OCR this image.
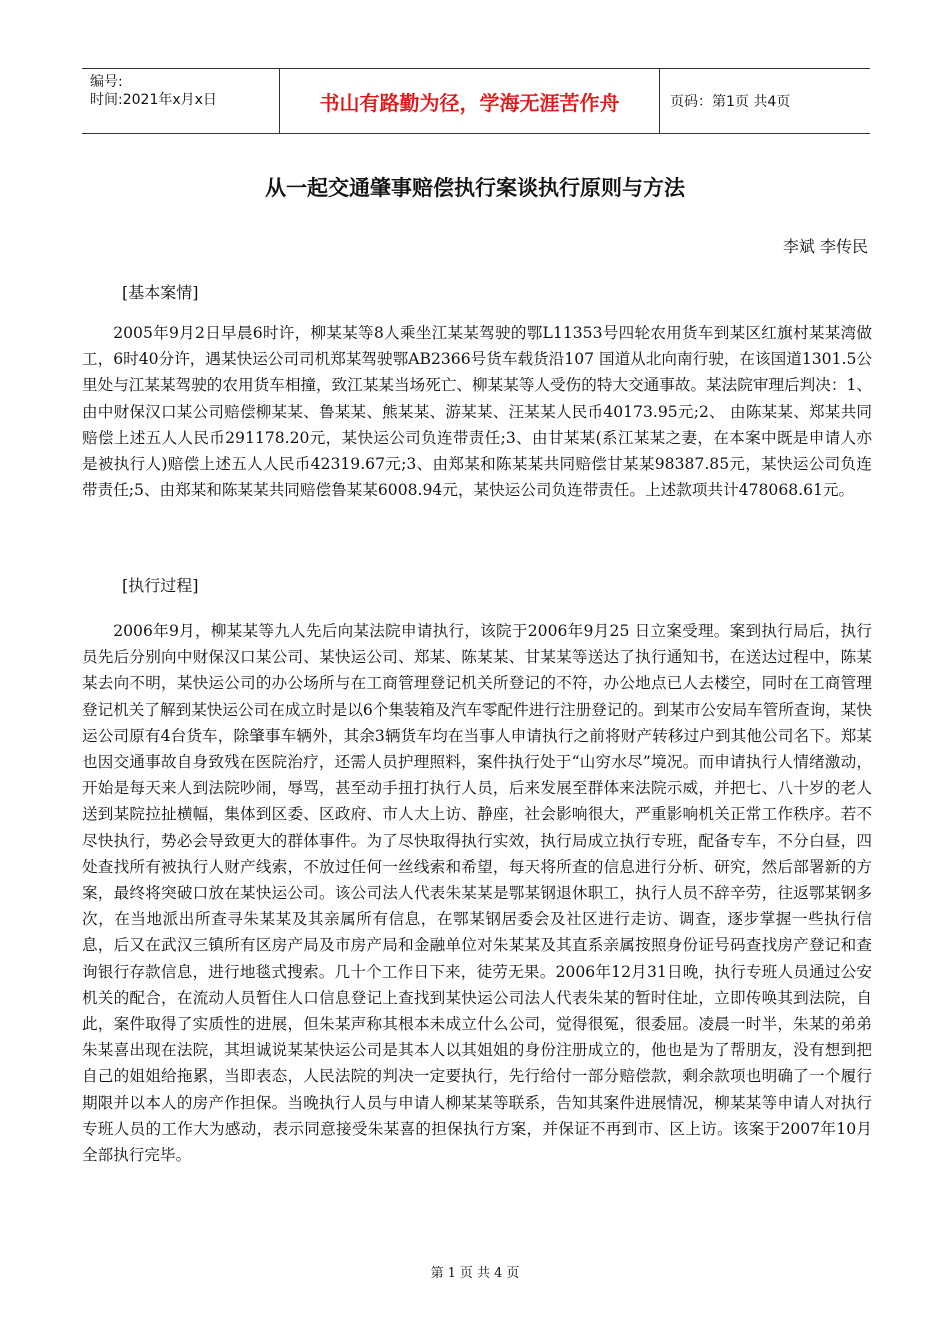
编号:
时间:2021年x月x日	书山有路勤为径，学海无涯苦作舟	页码：第1页 共4页
从一起交通肇事赔偿执行案谈执行原则与方法
李斌 李传民
[基本案情]

2005年9月2日早晨6时许，柳某某等8人乘坐江某某驾驶的鄂L11353号四轮农用货车到某区红旗村某某湾做工，6时40分许，遇某快运公司司机郑某驾驶鄂AB2366号货车载货沿107 国道从北向南行驶，在该国道1301.5公里处与江某某驾驶的农用货车相撞，致江某某当场死亡、柳某某等人受伤的特大交通事故。某法院审理后判决：1、由中财保汉口某公司赔偿柳某某、鲁某某、熊某某、游某某、汪某某人民币40173.95元;2、 由陈某某、郑某共同赔偿上述五人人民币291178.20元，某快运公司负连带责任;3、由甘某某(系江某某之妻，在本案中既是申请人亦是被执行人)赔偿上述五人人民币42319.67元;3、由郑某和陈某某共同赔偿甘某某98387.85元，某快运公司负连带责任;5、由郑某和陈某某共同赔偿鲁某某6008.94元，某快运公司负连带责任。上述款项共计478068.61元。

[执行过程]

2006年9月，柳某某等九人先后向某法院申请执行，该院于2006年9月25 日立案受理。案到执行局后，执行员先后分别向中财保汉口某公司、某快运公司、郑某、陈某某、甘某某等送达了执行通知书，在送达过程中，陈某某去向不明，某快运公司的办公场所与在工商管理登记机关所登记的不符，办公地点已人去楼空，同时在工商管理登记机关了解到某快运公司在成立时是以6个集装箱及汽车零配件进行注册登记的。到某市公安局车管所查询，某快运公司原有4台货车，除肇事车辆外，其余3辆货车均在当事人申请执行之前将财产转移过户到其他公司名下。郑某也因交通事故自身致残在医院治疗，还需人员护理照料，案件执行处于“山穷水尽”境况。而申请执行人情绪激动，开始是每天来人到法院吵闹，辱骂，甚至动手扭打执行人员，后来发展至群体来法院示威，并把七、八十岁的老人送到某院拉扯横幅，集体到区委、区政府、市人大上访、静座，社会影响很大，严重影响机关正常工作秩序。若不尽快执行，势必会导致更大的群体事件。为了尽快取得执行实效，执行局成立执行专班，配备专车，不分白昼，四处查找所有被执行人财产线索，不放过任何一丝线索和希望，每天将所查的信息进行分析、研究，然后部署新的方案，最终将突破口放在某快运公司。该公司法人代表朱某某是鄂某钢退休职工，执行人员不辞辛劳，往返鄂某钢多次，在当地派出所查寻朱某某及其亲属所有信息，在鄂某钢居委会及社区进行走访、调查，逐步掌握一些执行信息，后又在武汉三镇所有区房产局及市房产局和金融单位对朱某某及其直系亲属按照身份证号码查找房产登记和查询银行存款信息，进行地毯式搜索。几十个工作日下来，徒劳无果。2006年12月31日晚，执行专班人员通过公安机关的配合，在流动人员暂住人口信息登记上查找到某快运公司法人代表朱某的暂时住址，立即传唤其到法院，自此，案件取得了实质性的进展，但朱某声称其根本未成立什么公司，觉得很冤，很委屈。凌晨一时半，朱某的弟弟朱某喜出现在法院，其坦诚说某某快运公司是其本人以其姐姐的身份注册成立的，他也是为了帮朋友，没有想到把自己的姐姐给拖累，当即表态，人民法院的判决一定要执行，先行给付一部分赔偿款，剩余款项也明确了一个履行期限并以本人的房产作担保。当晚执行人员与申请人柳某某等联系，告知其案件进展情况，柳某某等申请人对执行专班人员的工作大为感动，表示同意接受朱某喜的担保执行方案，并保证不再到市、区上访。该案于2007年10月全部执行完毕。

第 1 页 共 4 页
